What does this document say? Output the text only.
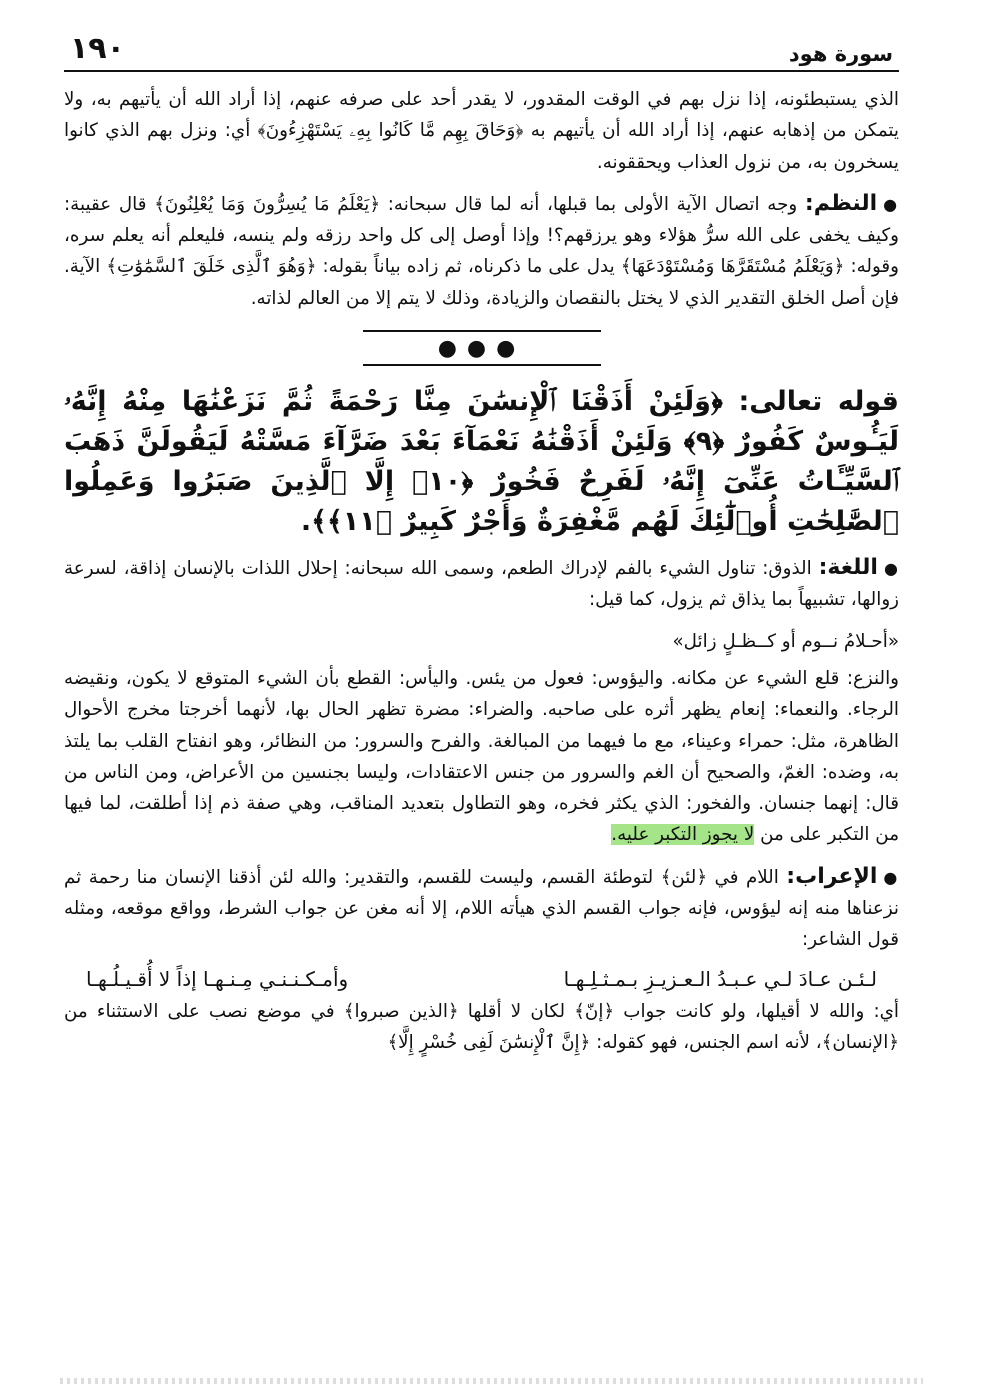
سورة هود
١٩٠

الذي يستبطئونه، إذا نزل بهم في الوقت المقدور، لا يقدر أحد على صرفه عنهم، إذا أراد الله أن يأتيهم به، ولا يتمكن من إذهابه عنهم، إذا أراد الله أن يأتيهم به ﴿وَحَاقَ بِهِم مَّا كَانُوا بِهِۦ يَسْتَهْزِءُونَ﴾ أي: ونزل بهم الذي كانوا يسخرون به، من نزول العذاب ويحققونه.

●النظم: وجه اتصال الآية الأولى بما قبلها، أنه لما قال سبحانه: ﴿يَعْلَمُ مَا يُسِرُّونَ وَمَا يُعْلِنُونَ﴾ قال عقيبة: وكيف يخفى على الله سرُّ هؤلاء وهو يرزقهم؟! وإذا أوصل إلى كل واحد رزقه ولم ينسه، فليعلم أنه يعلم سره، وقوله: ﴿وَيَعْلَمُ مُسْتَقَرَّهَا وَمُسْتَوْدَعَهَا﴾ يدل على ما ذكرناه، ثم زاده بياناً بقوله: ﴿وَهُوَ ٱلَّذِى خَلَقَ ٱلسَّمَٰوَٰتِ﴾ الآية. فإن أصل الخلق التقدير الذي لا يختل بالنقصان والزيادة، وذلك لا يتم إلا من العالم لذاته.

●●●

قوله تعالى: ﴿وَلَئِنْ أَذَقْنَا ٱلْإِنسَٰنَ مِنَّا رَحْمَةً ثُمَّ نَزَعْنَٰهَا مِنْهُ إِنَّهُۥ لَيَـُٔوسٌ كَفُورٌ ﴿٩﴾ وَلَئِنْ أَذَقْنَٰهُ نَعْمَآءَ بَعْدَ ضَرَّآءَ مَسَّتْهُ لَيَقُولَنَّ ذَهَبَ ٱلسَّيِّـَٔاتُ عَنِّىٓ إِنَّهُۥ لَفَرِحٌ فَخُورٌ ﴿١٠﴾ إِلَّا ٱلَّذِينَ صَبَرُوا وَعَمِلُوا ٱلصَّٰلِحَٰتِ أُو۟لَٰٓئِكَ لَهُم مَّغْفِرَةٌ وَأَجْرٌ كَبِيرٌ ﴿١١﴾﴾.

●اللغة: الذوق: تناول الشيء بالفم لإدراك الطعم، وسمى الله سبحانه: إحلال اللذات بالإنسان إذاقة، لسرعة زوالها، تشبيهاً بما يذاق ثم يزول، كما قيل:

«أحـلامُ نــوم أو كــظـلٍ زائل»

والنزع: قلع الشيء عن مكانه. واليؤوس: فعول من يئس. واليأس: القطع بأن الشيء المتوقع لا يكون، ونقيضه الرجاء. والنعماء: إنعام يظهر أثره على صاحبه. والضراء: مضرة تظهر الحال بها، لأنهما أخرجتا مخرج الأحوال الظاهرة، مثل: حمراء وعيناء، مع ما فيهما من المبالغة. والفرح والسرور: من النظائر، وهو انفتاح القلب بما يلتذ به، وضده: الغمّ، والصحيح أن الغم والسرور من جنس الاعتقادات، وليسا بجنسين من الأعراض، ومن الناس من قال: إنهما جنسان. والفخور: الذي يكثر فخره، وهو التطاول بتعديد المناقب، وهي صفة ذم إذا أطلقت، لما فيها من التكبر على من لا يجوز التكبر عليه.

●الإعراب: اللام في ﴿لئن﴾ لتوطئة القسم، وليست للقسم، والتقدير: والله لئن أذقنا الإنسان منا رحمة ثم نزعناها منه إنه ليؤوس، فإنه جواب القسم الذي هيأته اللام، إلا أنه مغن عن جواب الشرط، وواقع موقعه، ومثله قول الشاعر:

لـئـن عـادَ لـي عـبـدُ الـعـزيـزِ بـمـثـلِـهـا
وأمـكـنـنـي مِـنـهـا إذاً لا أُقـيـلُـهـا

أي: والله لا أقيلها، ولو كانت جواب ﴿إنّ﴾ لكان لا أقلها ﴿الذين صبروا﴾ في موضع نصب على الاستثناء من ﴿الإنسان﴾، لأنه اسم الجنس، فهو كقوله: ﴿إِنَّ ٱلْإِنسَٰنَ لَفِى خُسْرٍ إِلَّا﴾
